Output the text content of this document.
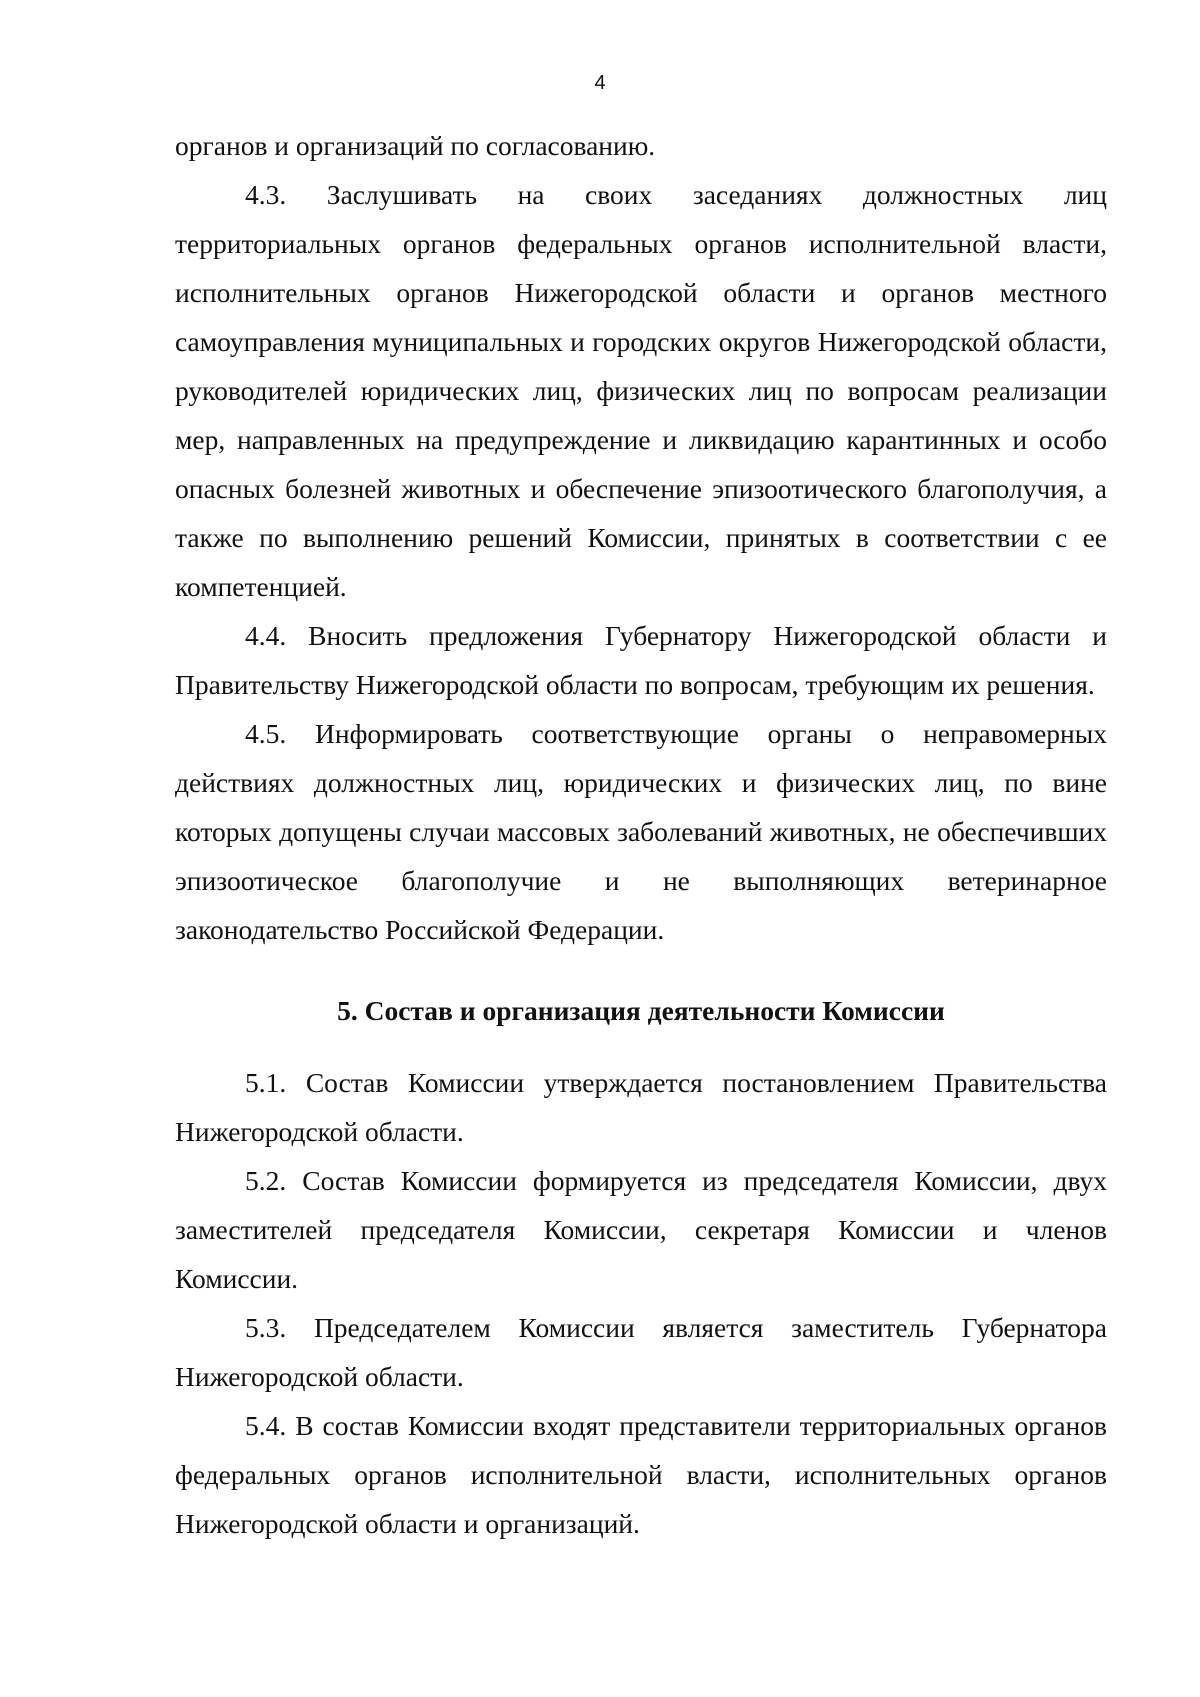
4

органов и организаций по согласованию.

4.3. Заслушивать на своих заседаниях должностных лиц территориальных органов федеральных органов исполнительной власти, исполнительных органов Нижегородской области и органов местного самоуправления муниципальных и городских округов Нижегородской области, руководителей юридических лиц, физических лиц по вопросам реализации мер, направленных на предупреждение и ликвидацию карантинных и особо опасных болезней животных и обеспечение эпизоотического благополучия, а также по выполнению решений Комиссии, принятых в соответствии с ее компетенцией.

4.4. Вносить предложения Губернатору Нижегородской области и Правительству Нижегородской области по вопросам, требующим их решения.

4.5. Информировать соответствующие органы о неправомерных действиях должностных лиц, юридических и физических лиц, по вине которых допущены случаи массовых заболеваний животных, не обеспечивших эпизоотическое благополучие и не выполняющих ветеринарное законодательство Российской Федерации.

5. Состав и организация деятельности Комиссии

5.1. Состав Комиссии утверждается постановлением Правительства Нижегородской области.

5.2. Состав Комиссии формируется из председателя Комиссии, двух заместителей председателя Комиссии, секретаря Комиссии и членов Комиссии.

5.3. Председателем Комиссии является заместитель Губернатора Нижегородской области.

5.4. В состав Комиссии входят представители территориальных органов федеральных органов исполнительной власти, исполнительных органов Нижегородской области и организаций.
